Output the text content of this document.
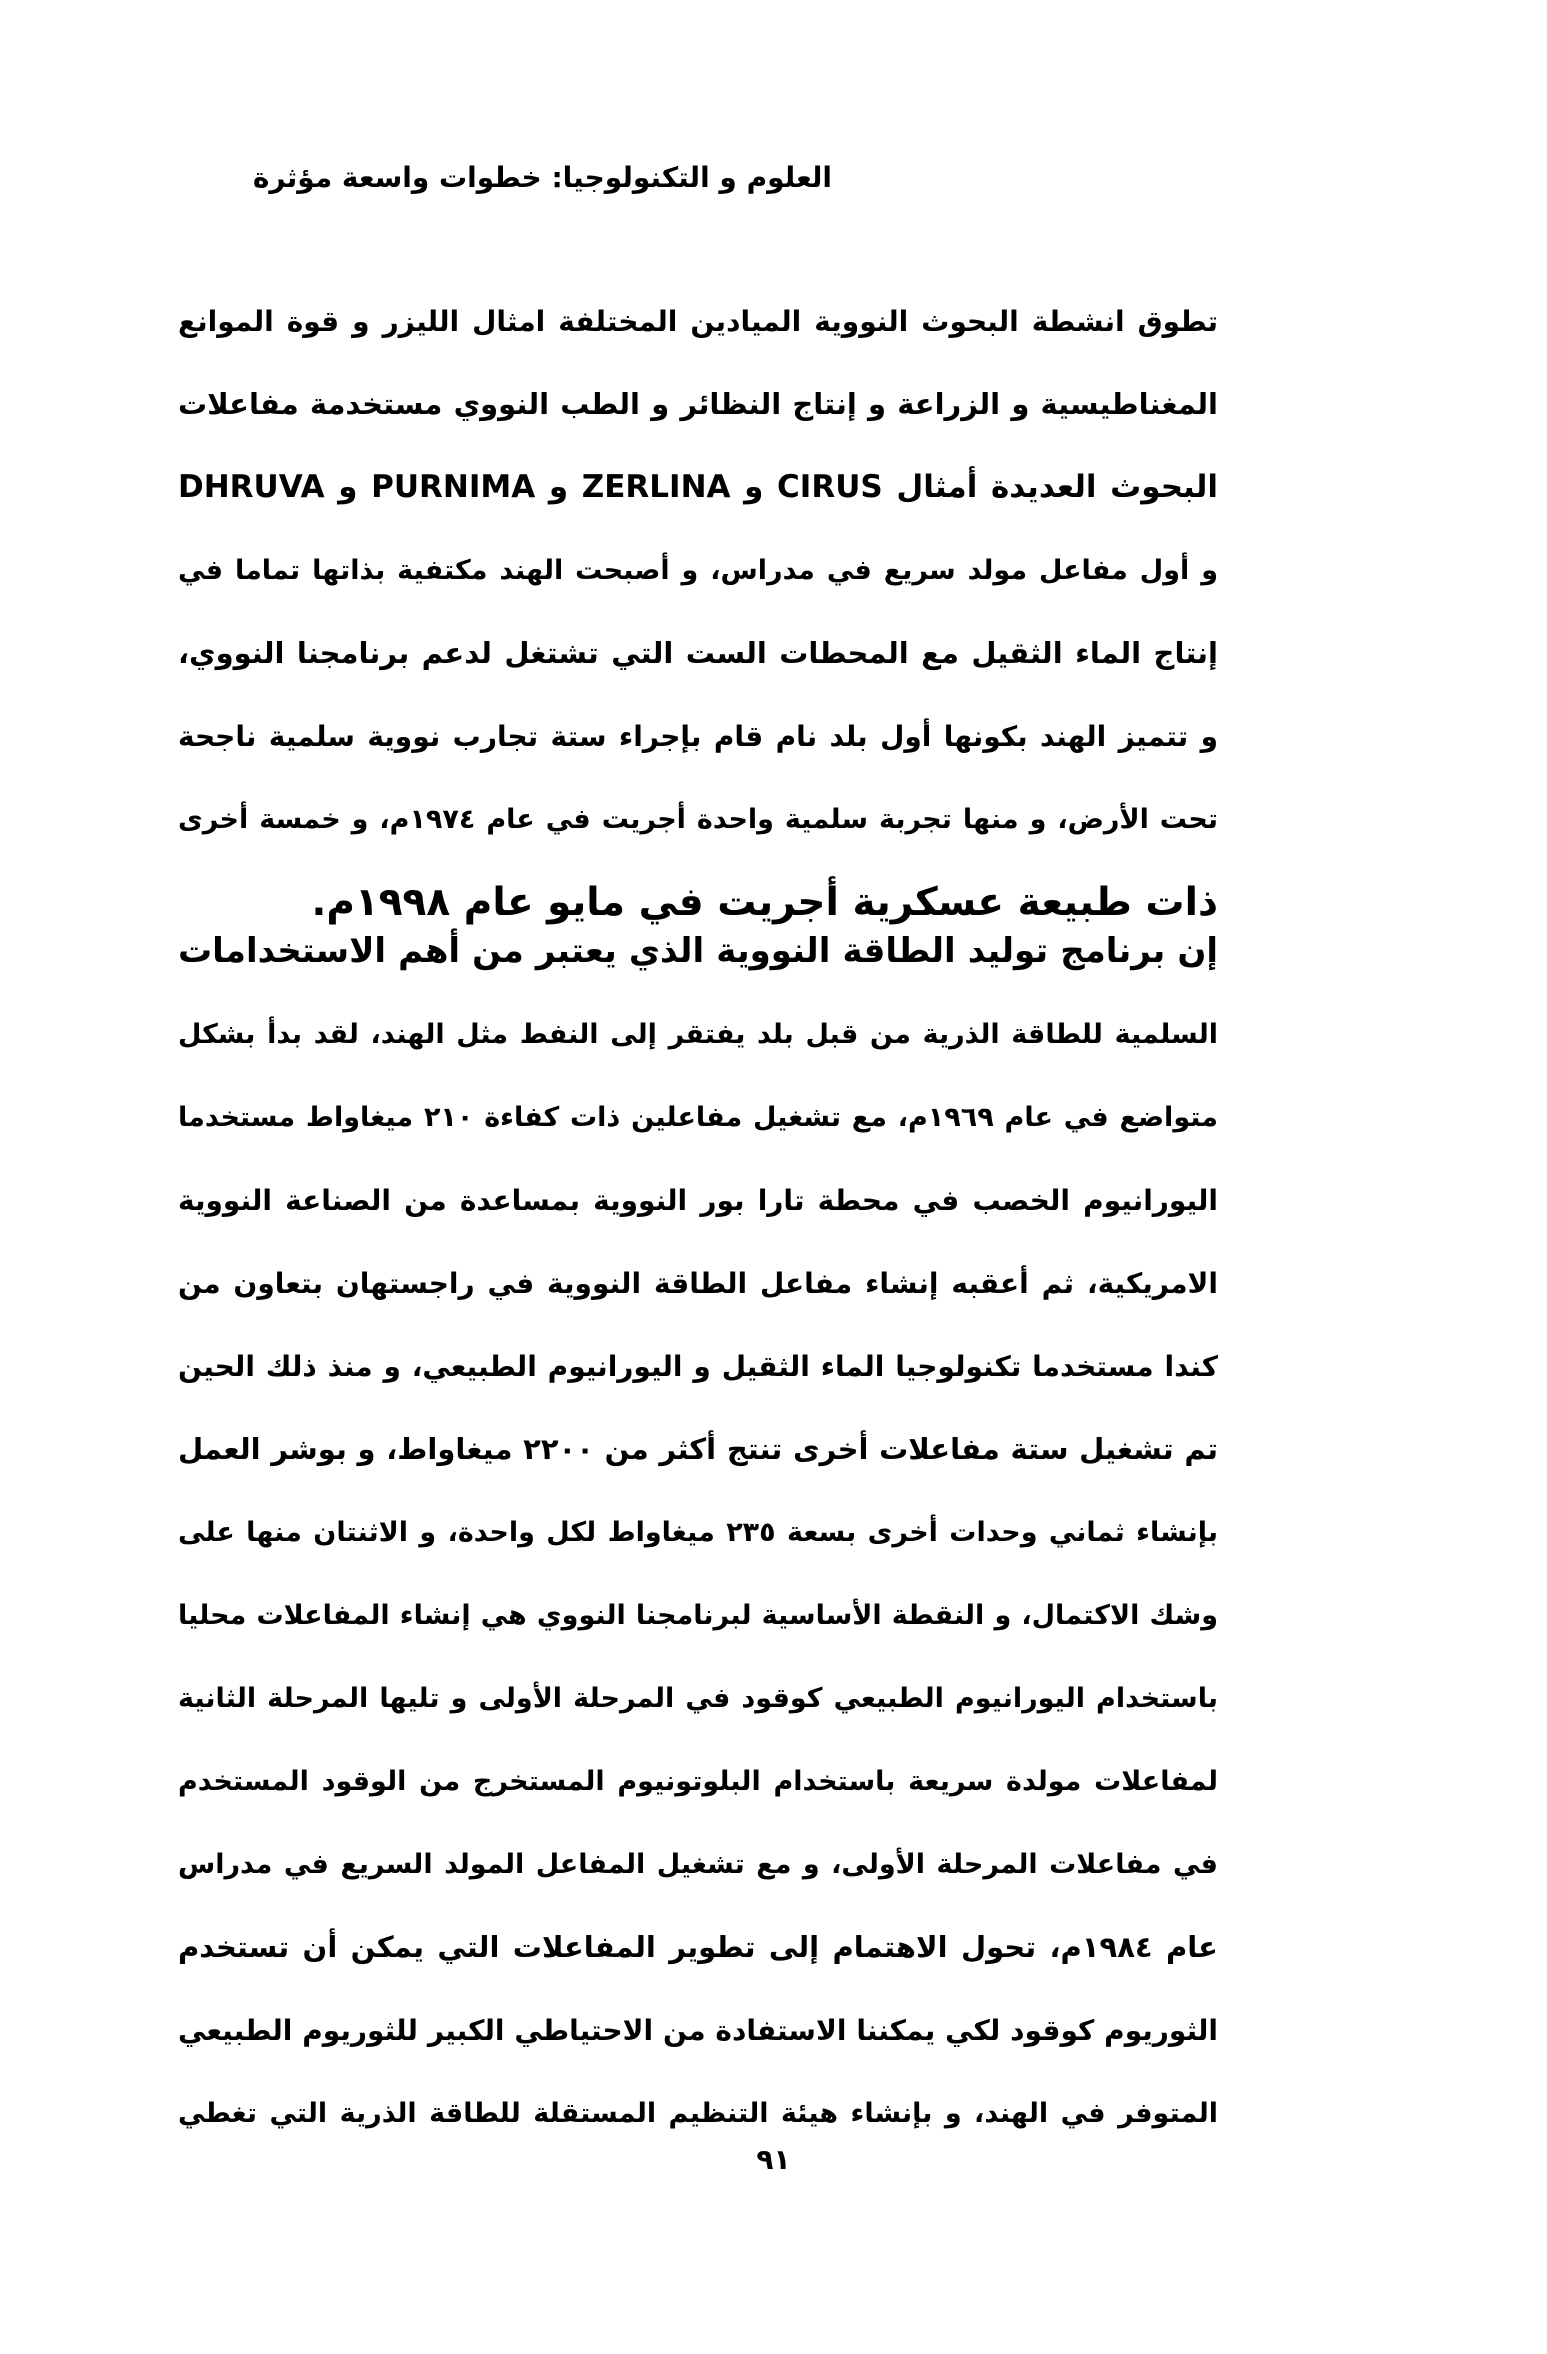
العلوم و التكنولوجيا: خطوات واسعة مؤثرة
تطوق انشطة البحوث النووية الميادين المختلفة امثال الليزر و قوة الموانع
المغناطيسية و الزراعة و إنتاج النظائر و الطب النووي مستخدمة مفاعلات
البحوث العديدة أمثال CIRUS و ZERLINA و PURNIMA و DHRUVA
و أول مفاعل مولد سريع في مدراس، و أصبحت الهند مكتفية بذاتها تماما في
إنتاج الماء الثقيل مع المحطات الست التي تشتغل لدعم برنامجنا النووي،
و تتميز الهند بكونها أول بلد نام قام بإجراء ستة تجارب نووية سلمية ناجحة
تحت الأرض، و منها تجربة سلمية واحدة أجريت في عام ١٩٧٤م، و خمسة أخرى
ذات طبيعة عسكرية أجريت في مايو عام ١٩٩٨م.
إن برنامج توليد الطاقة النووية الذي يعتبر من أهم الاستخدامات
السلمية للطاقة الذرية من قبل بلد يفتقر إلى النفط مثل الهند، لقد بدأ بشكل
متواضع في عام ١٩٦٩م، مع تشغيل مفاعلين ذات كفاءة ٢١٠ ميغاواط مستخدما
اليورانيوم الخصب في محطة تارا بور النووية بمساعدة من الصناعة النووية
الامريكية، ثم أعقبه إنشاء مفاعل الطاقة النووية في راجستهان بتعاون من
كندا مستخدما تكنولوجيا الماء الثقيل و اليورانيوم الطبيعي، و منذ ذلك الحين
تم تشغيل ستة مفاعلات أخرى تنتج أكثر من ٢٢٠٠ ميغاواط، و بوشر العمل
بإنشاء ثماني وحدات أخرى بسعة ٢٣٥ ميغاواط لكل واحدة، و الاثنتان منها على
وشك الاكتمال، و النقطة الأساسية لبرنامجنا النووي هي إنشاء المفاعلات محليا
باستخدام اليورانيوم الطبيعي كوقود في المرحلة الأولى و تليها المرحلة الثانية
لمفاعلات مولدة سريعة باستخدام البلوتونيوم المستخرج من الوقود المستخدم
في مفاعلات المرحلة الأولى، و مع تشغيل المفاعل المولد السريع في مدراس
عام ١٩٨٤م، تحول الاهتمام إلى تطوير المفاعلات التي يمكن أن تستخدم
الثوريوم كوقود لكي يمكننا الاستفادة من الاحتياطي الكبير للثوريوم الطبيعي
المتوفر في الهند، و بإنشاء هيئة التنظيم المستقلة للطاقة الذرية التي تغطي
٩١
